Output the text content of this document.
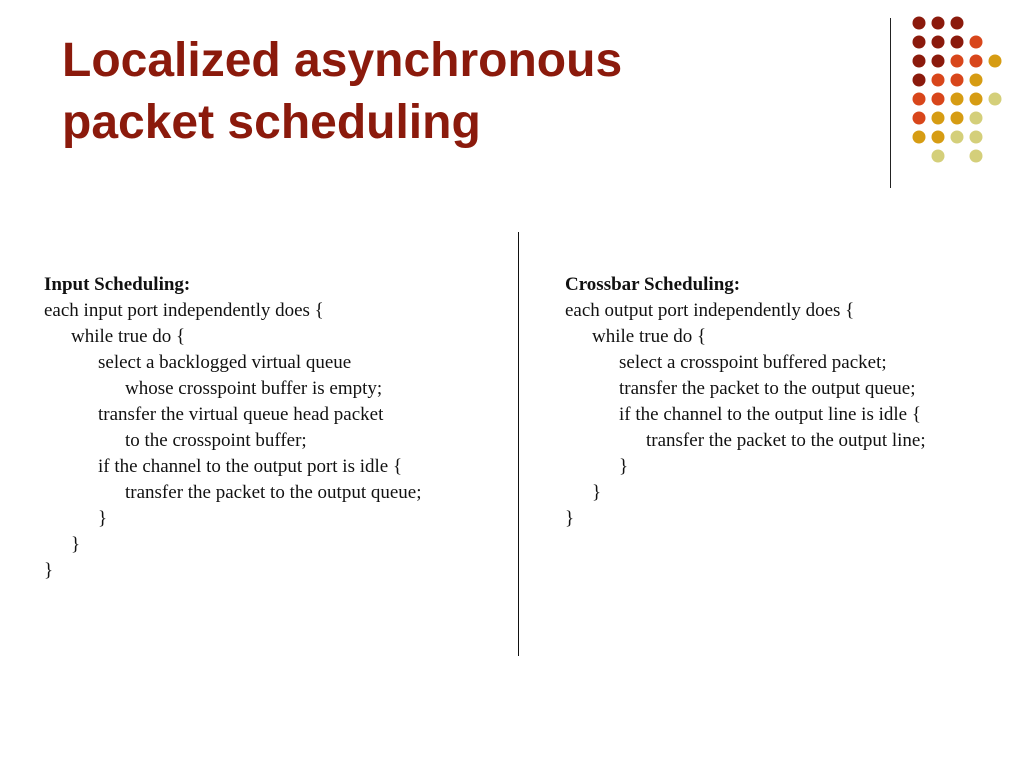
Localized asynchronous
packet scheduling
Input Scheduling:
each input port independently does {
while true do {
select a backlogged virtual queue
whose crosspoint buffer is empty;
transfer the virtual queue head packet
to the crosspoint buffer;
if the channel to the output port is idle {
transfer the packet to the output queue;
}
}
}
Crossbar Scheduling:
each output port independently does {
while true do {
select a crosspoint buffered packet;
transfer the packet to the output queue;
if the channel to the output line is idle {
transfer the packet to the output line;
}
}
}
